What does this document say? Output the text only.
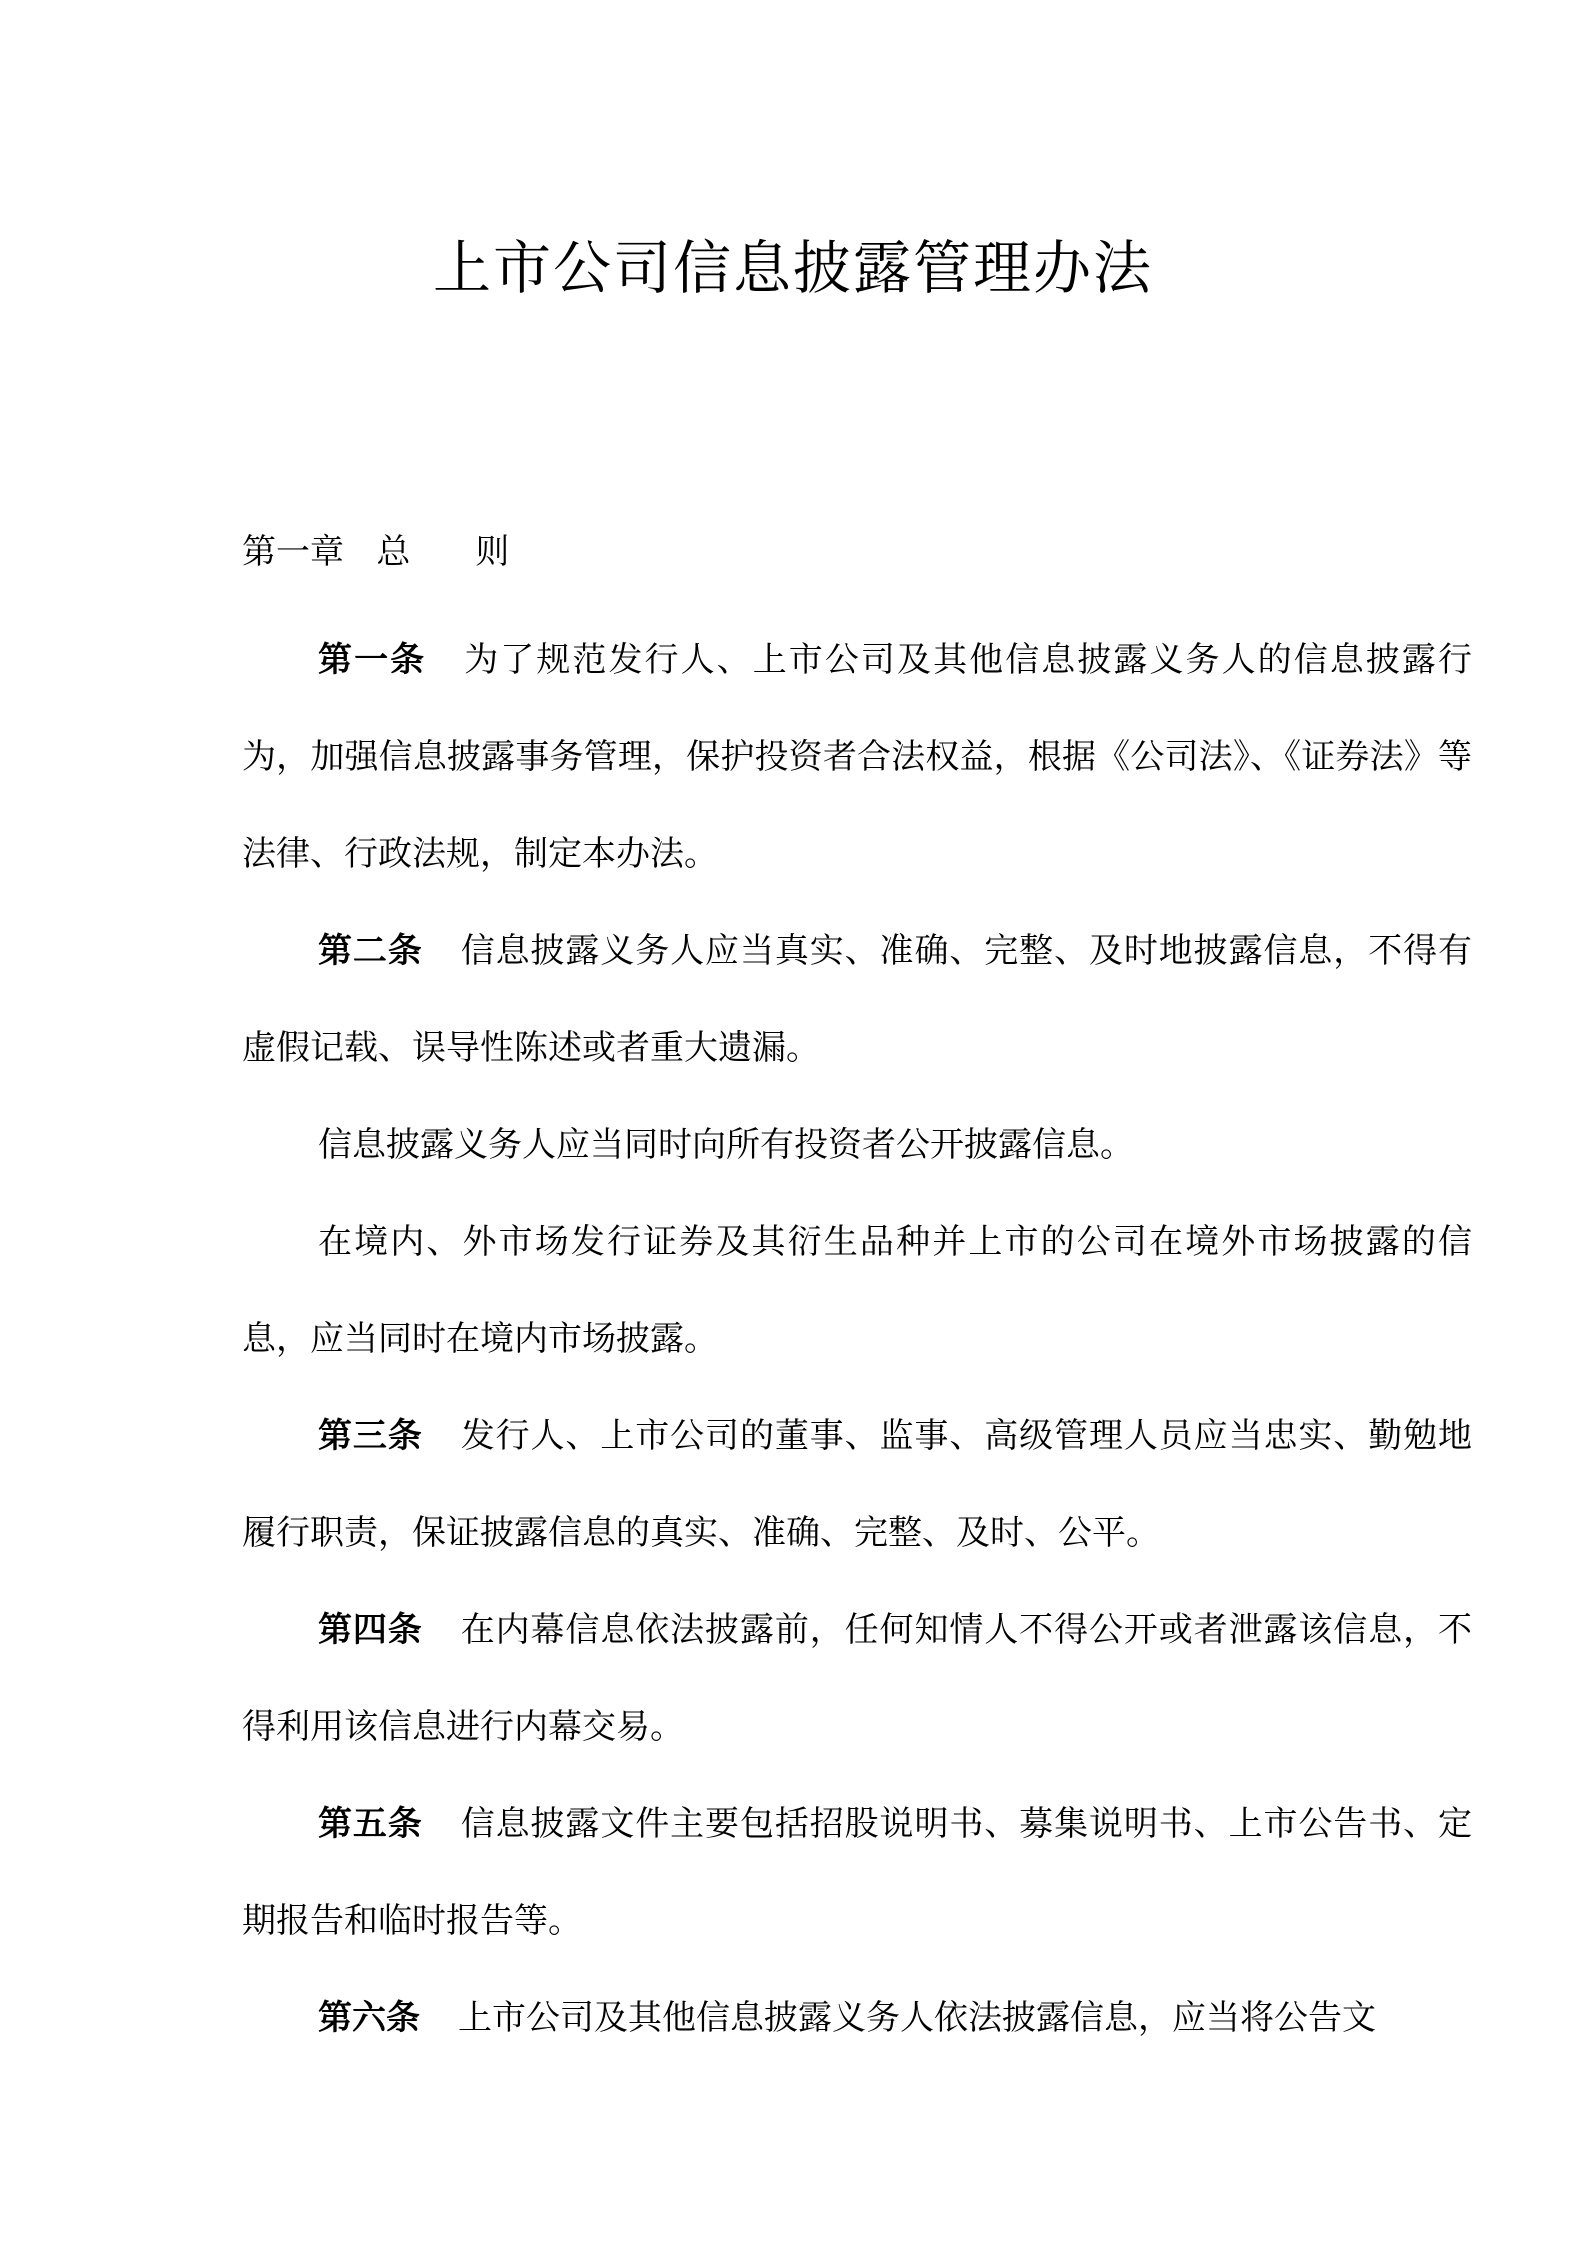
上市公司信息披露管理办法

第一章   总      则

第一条 为了规范发行人、上市公司及其他信息披露义务人的信息披露行为，加强信息披露事务管理，保护投资者合法权益，根据《公司法》、《证券法》等法律、行政法规，制定本办法。

第二条 信息披露义务人应当真实、准确、完整、及时地披露信息，不得有虚假记载、误导性陈述或者重大遗漏。

信息披露义务人应当同时向所有投资者公开披露信息。

在境内、外市场发行证券及其衍生品种并上市的公司在境外市场披露的信息，应当同时在境内市场披露。

第三条 发行人、上市公司的董事、监事、高级管理人员应当忠实、勤勉地履行职责，保证披露信息的真实、准确、完整、及时、公平。

第四条 在内幕信息依法披露前，任何知情人不得公开或者泄露该信息，不得利用该信息进行内幕交易。

第五条 信息披露文件主要包括招股说明书、募集说明书、上市公告书、定期报告和临时报告等。

第六条 上市公司及其他信息披露义务人依法披露信息，应当将公告文
